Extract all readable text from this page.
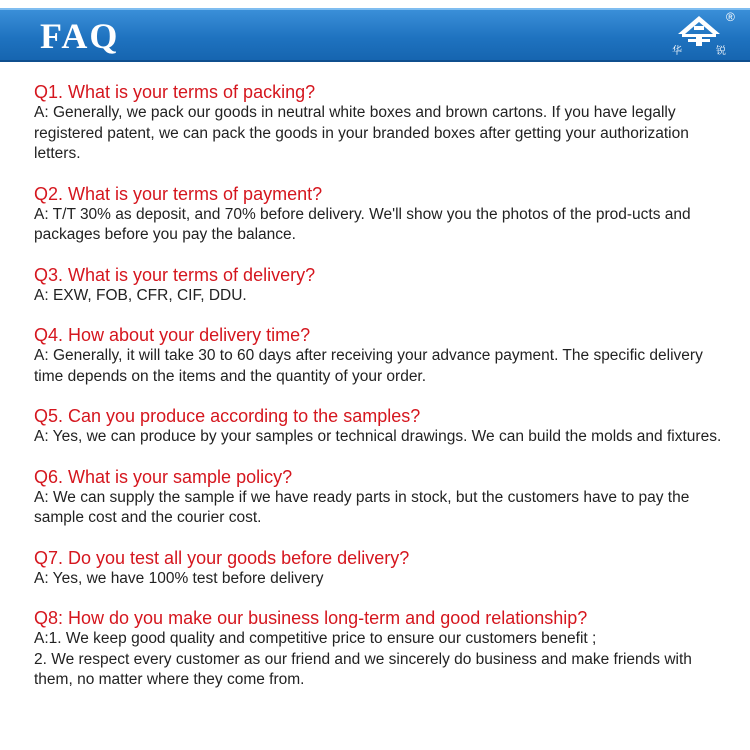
FAQ	华	锐
®
Q1. What is your terms of packing?
A: Generally, we pack our goods in neutral white boxes and brown cartons. If you have legally registered patent, we can pack the goods in your branded boxes after getting your authorization letters.
Q2. What is your terms of payment?
A: T/T 30% as deposit, and 70% before delivery. We'll show you the photos of the prod-ucts and packages before you pay the balance.
Q3. What is your terms of delivery?
A: EXW, FOB, CFR, CIF, DDU.
Q4. How about your delivery time?
A: Generally, it will take 30 to 60 days after receiving your advance payment. The specific delivery time depends on the items and the quantity of your order.
Q5. Can you produce according to the samples?
A: Yes, we can produce by your samples or technical drawings. We can build the molds and fixtures.
Q6. What is your sample policy?
A: We can supply the sample if we have ready parts in stock, but the customers have to pay the sample cost and the courier cost.
Q7. Do you test all your goods before delivery?
A: Yes, we have 100% test before delivery
Q8: How do you make our business long-term and good relationship?
A:1. We keep good quality and competitive price to ensure our customers benefit ;
2. We respect every customer as our friend and we sincerely do business and make friends with them, no matter where they come from.
